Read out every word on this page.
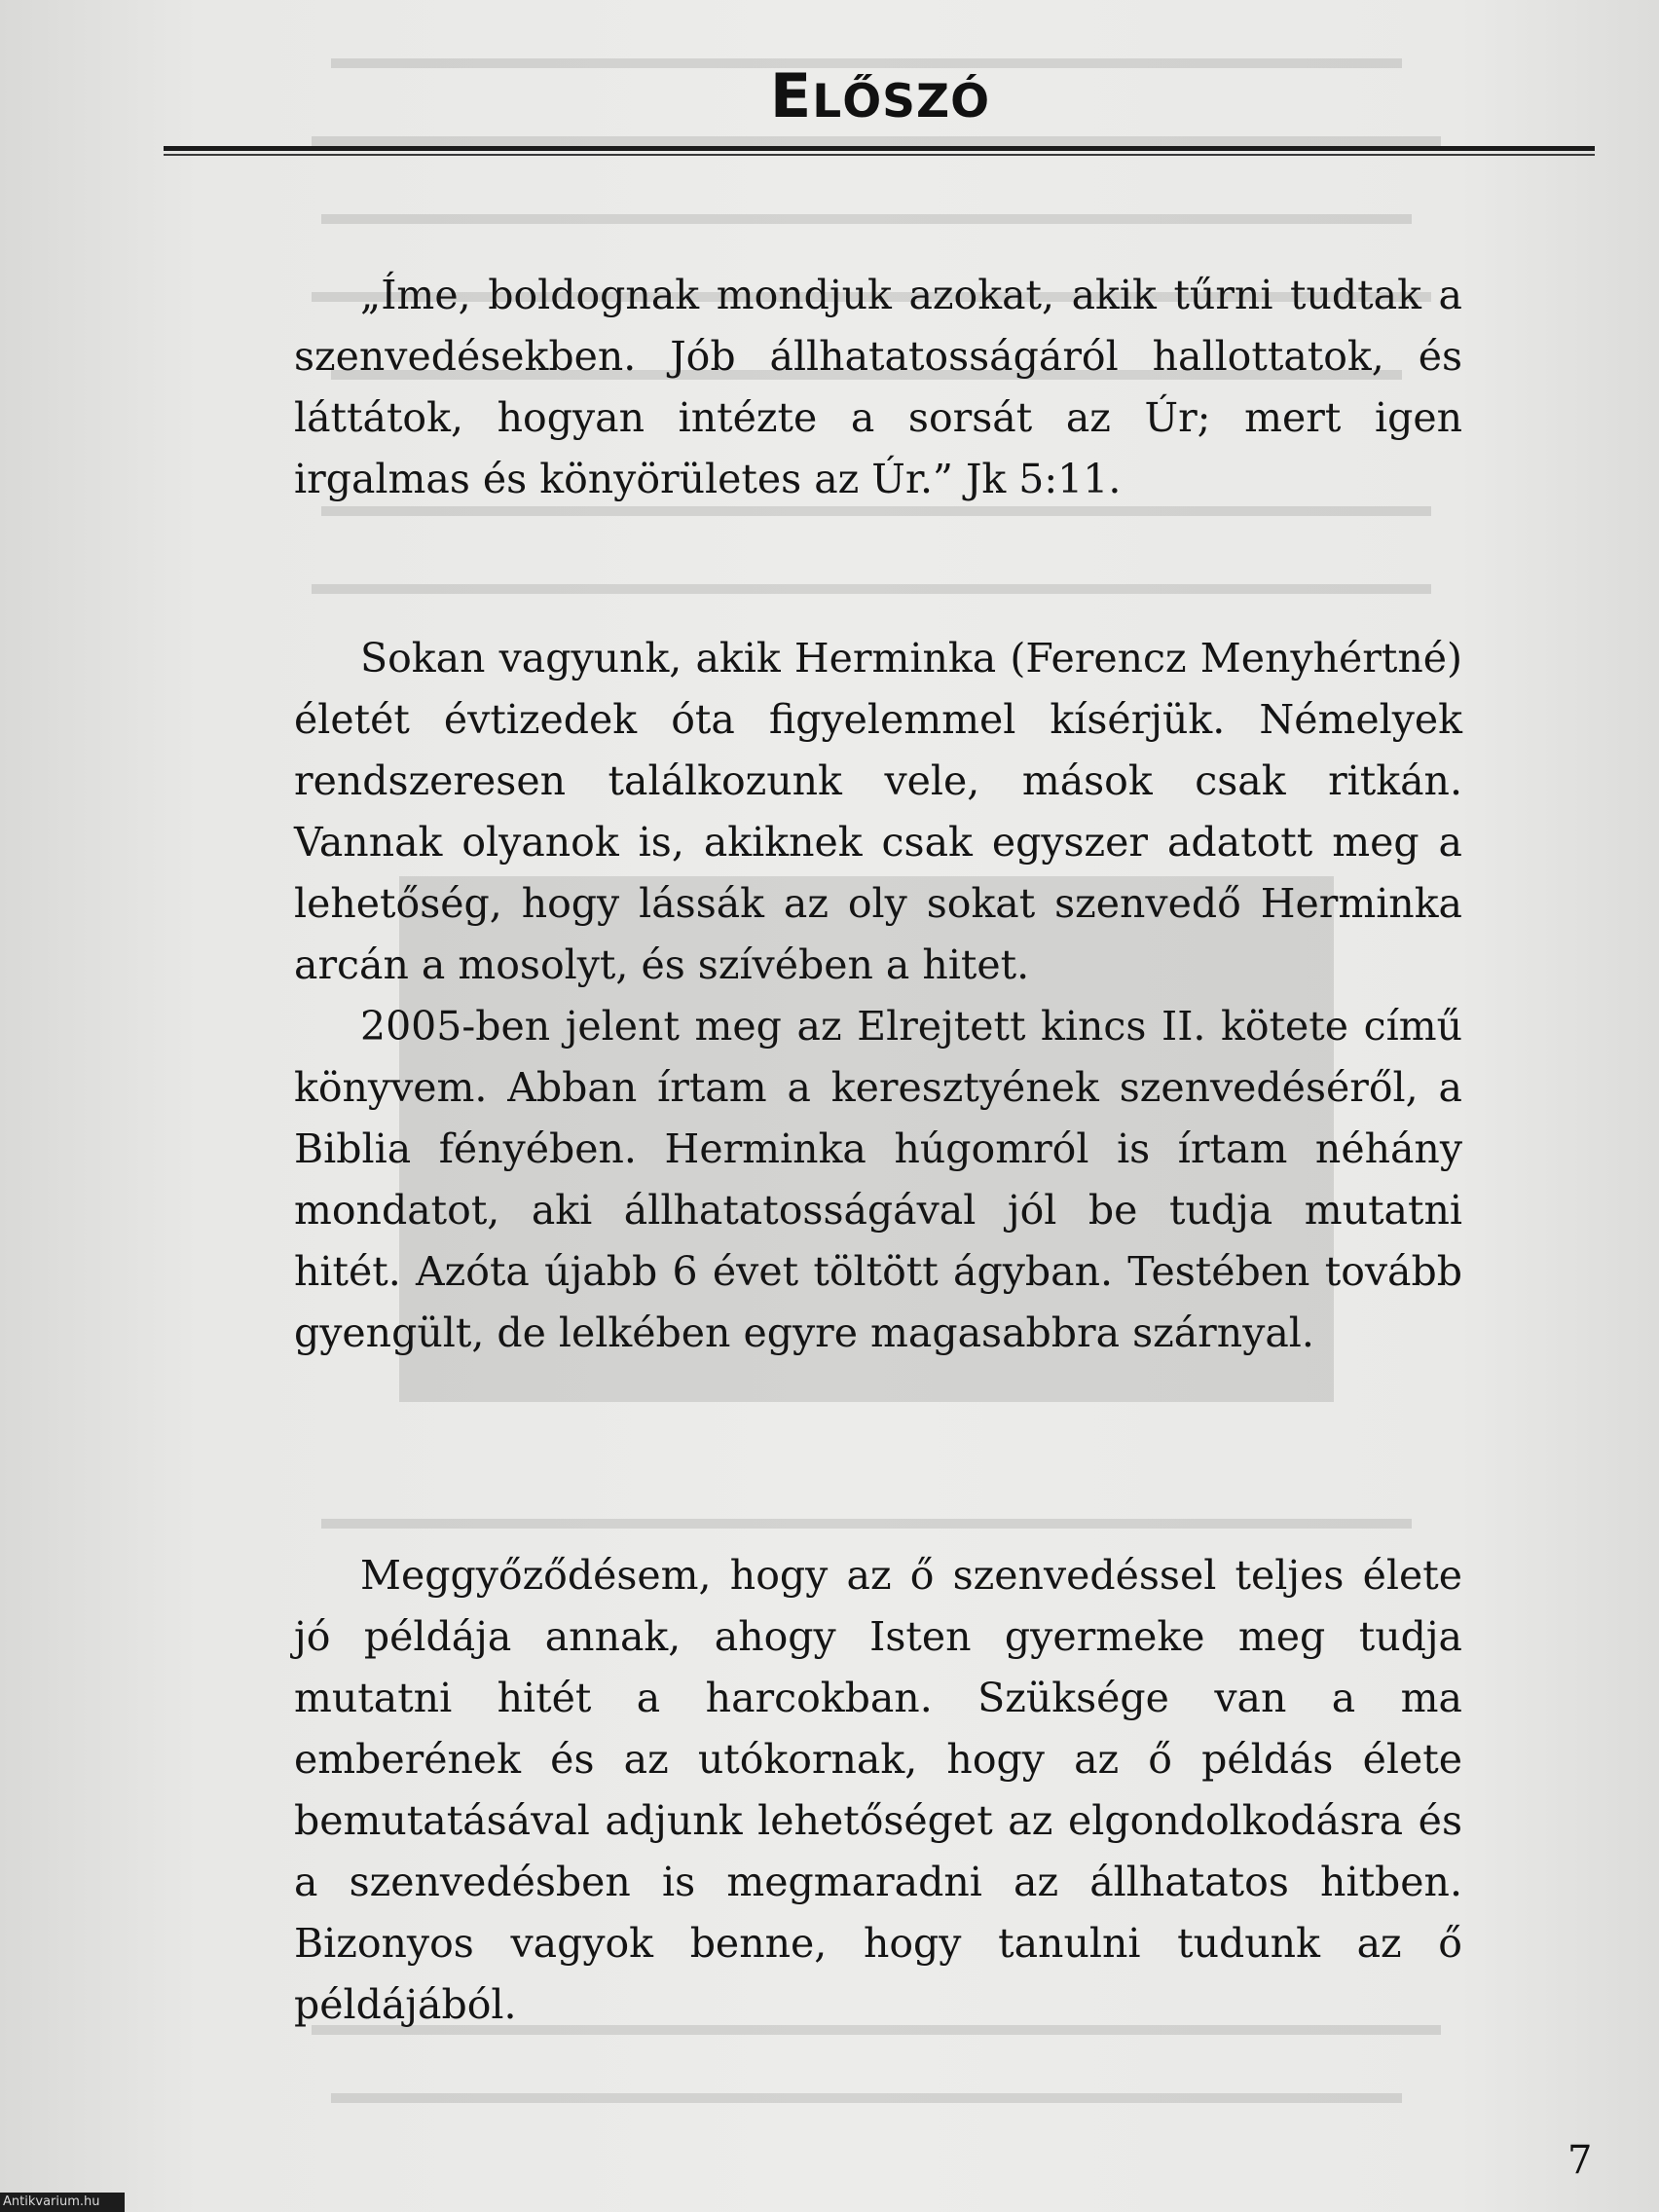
ELŐSZÓ

„Íme, boldognak mondjuk azokat, akik tűrni tudtak a szenvedésekben. Jób állhatatosságáról hallottatok, és láttátok, hogyan intézte a sorsát az Úr; mert igen irgalmas és könyörületes az Úr.” Jk 5:11.

Sokan vagyunk, akik Herminka (Ferencz Menyhértné) életét évtizedek óta figyelemmel kísérjük. Némelyek rendszeresen találkozunk vele, mások csak ritkán. Vannak olyanok is, akiknek csak egyszer adatott meg a lehetőség, hogy lássák az oly sokat szenvedő Herminka arcán a mosolyt, és szívében a hitet.

2005-ben jelent meg az Elrejtett kincs II. kötete című könyvem. Abban írtam a keresztyének szenvedéséről, a Biblia fényében. Herminka húgomról is írtam néhány mondatot, aki állhatatosságával jól be tudja mutatni hitét. Azóta újabb 6 évet töltött ágyban. Testében tovább gyengült, de lelkében egyre magasabbra szárnyal.

Meggyőződésem, hogy az ő szenvedéssel teljes élete jó példája annak, ahogy Isten gyermeke meg tudja mutatni hitét a harcokban. Szüksége van a ma emberének és az utókornak, hogy az ő példás élete bemutatásával adjunk lehetőséget az elgondolkodásra és a szenvedésben is megmaradni az állhatatos hitben. Bizonyos vagyok benne, hogy tanulni tudunk az ő példájából.

7
Antikvarium.hu
